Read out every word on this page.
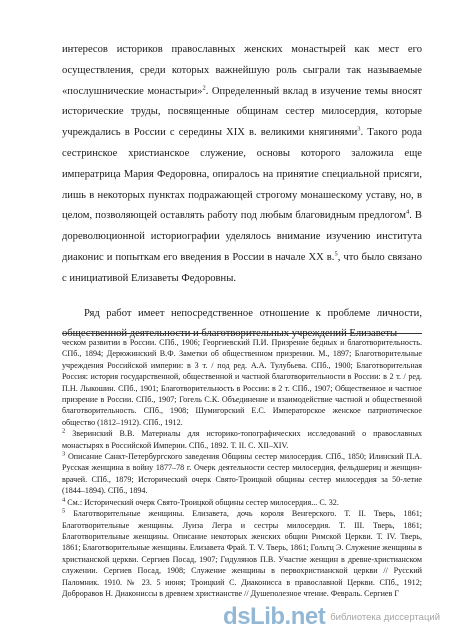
интересов историков православных женских монастырей как мест его осуществления, среди которых важнейшую роль сыграли так называемые «послушнические монастыри»$^2$. Определенный вклад в изучение темы вносят исторические труды, посвященные общинам сестер милосердия, которые учреждались в России с середины XIX в. великими княгинями$^3$. Такого рода сестринское христианское служение, основы которого заложила еще императрица Мария Федоровна, опиралось на принятие специальной присяги, лишь в некоторых пунктах подражающей строгому монашескому уставу, но, в целом, позволяющей оставлять работу под любым благовидным предлогом$^4$. В дореволюционной историографии уделялось внимание изучению института диаконис и попыткам его введения в России в начале XX в.$^5$, что было связано с инициативой Елизаветы Федоровны.

Ряд работ имеет непосредственное отношение к проблеме личности, общественной деятельности и благотворительных учреждений Елизаветы

ческом развитии в России. СПб., 1906; Георгиевский П.И. Призрение бедных и благотворительность. СПб., 1894; Дерюжинский В.Ф. Заметки об общественном призрении. М., 1897; Благотворительные учреждения Российской империи: в 3 т. / под ред. А.А. Тулубьева. СПб., 1900; Благотворительная Россия: история государственной, общественной и частной благотворительности в России: в 2 т. / ред. П.Н. Лыкошин. СПб., 1901; Благотворительность в России: в 2 т. СПб., 1907; Общественное и частное призрение в России. СПб., 1907; Гогель С.К. Объединение и взаимодействие частной и общественной благотворительность. СПб., 1908; Шумигорский Е.С. Императорское женское патриотическое общество (1812–1912). СПб., 1912.

$^2$ Звеpинский В.В. Материалы для историко-топографических исследований о православных монастырях в Российской Империи. СПб., 1892. Т. II. С. XII–XIV.

$^3$ Описание Санкт-Петербургского заведения Общины сестер милосердия. СПб., 1850; Илинский П.А. Русская женщина в войну 1877–78 г. Очерк деятельности сестер милосердия, фельдшериц и женщин-врачей. СПб., 1879; Исторический очерк Свято-Троицкой общины сестер милосердия за 50-летие (1844–1894). СПб., 1894.

$^4$ См.: Исторический очерк Свято-Троицкой общины сестер милосердия... С. 32.

$^5$ Благотворительные женщины. Елизавета, дочь короля Венгерского. Т. II. Тверь, 1861; Благотворительные женщины. Луиза Легра и сестры милосердия. Т. III. Тверь, 1861; Благотворительные женщины. Описание некоторых женских общин Римской Церкви. Т. IV. Тверь, 1861; Благотворительные женщины. Елизавета Фрай. Т. V. Тверь, 1861; Гольтц Э. Служение женщины в христианской церкви. Сергиев Посад, 1907; Гидулянов П.В. Участие женщин в древне-христианском служении. Сергиев Посад, 1908; Служение женщины в первохристианской церкви // Русский Паломник. 1910. № 23. 5 июня; Троицкий С. Диаконисса в православной Церкви. СПб., 1912; Добpоpавов Н. Диакониссы в древнем христианстве // Душеполезное чтение. Февраль. Сергиев Г

dsLib.net библиотека диссертаций
